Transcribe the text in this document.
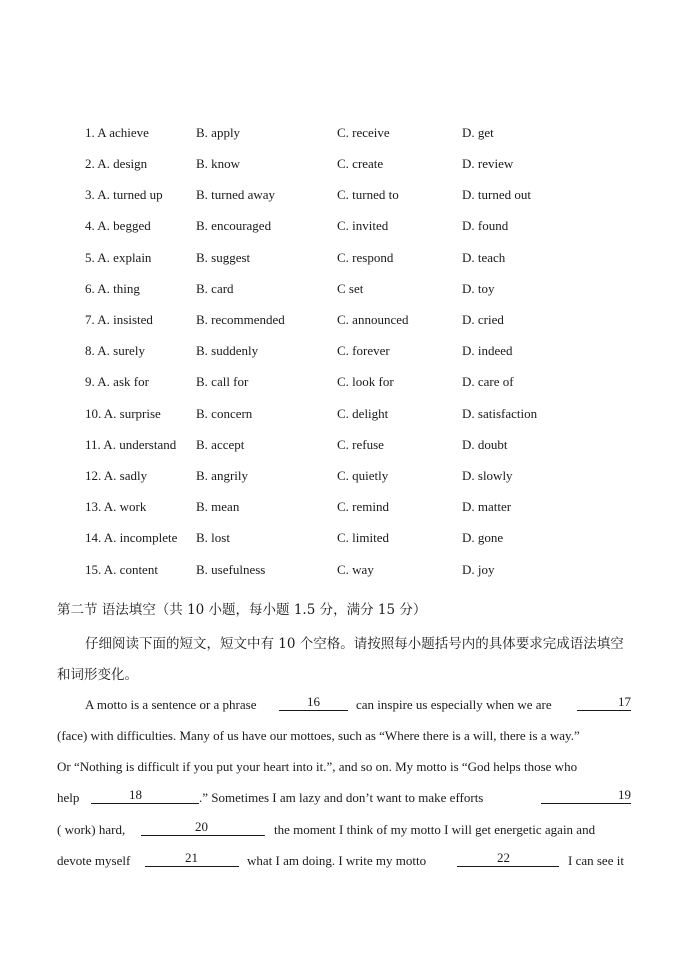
1. A achieve	B. apply	C. receive	D. get
2. A. design	B. know	C. create	D. review
3. A. turned up	B. turned away	C. turned to	D. turned out
4. A. begged	B. encouraged	C. invited	D. found
5. A. explain	B. suggest	C. respond	D. teach
6. A. thing	B. card	C set	D. toy
7. A. insisted	B. recommended	C. announced	D. cried
8. A. surely	B. suddenly	C. forever	D. indeed
9. A. ask for	B. call for	C. look for	D. care of
10. A. surprise	B. concern	C. delight	D. satisfaction
11. A. understand B. accept	C. refuse	D. doubt
12. A. sadly	B. angrily	C. quietly	D. slowly
13. A. work	B. mean	C. remind	D. matter
14. A. incomplete B. lost	C. limited	D. gone
15. A. content	B. usefulness	C. way	D. joy
第二节 语法填空（共 10 小题，每小题 1.5 分，满分 15 分）
仔细阅读下面的短文，短文中有 10 个空格。请按照每小题括号内的具体要求完成语法填空和词形变化。
A motto is a sentence or a phrase	16	can inspire us especially when we are	17
(face) with difficulties. Many of us have our mottoes, such as “Where there is a will, there is a way.”
Or “Nothing is difficult if you put your heart into it.”, and so on. My motto is “God helps those who
help	18	.” Sometimes I am lazy and don’t want to make efforts	19
( work) hard,	20	the moment I think of my motto I will get energetic again and
devote myself	21	what I am doing. I write my motto	22	I can see it
